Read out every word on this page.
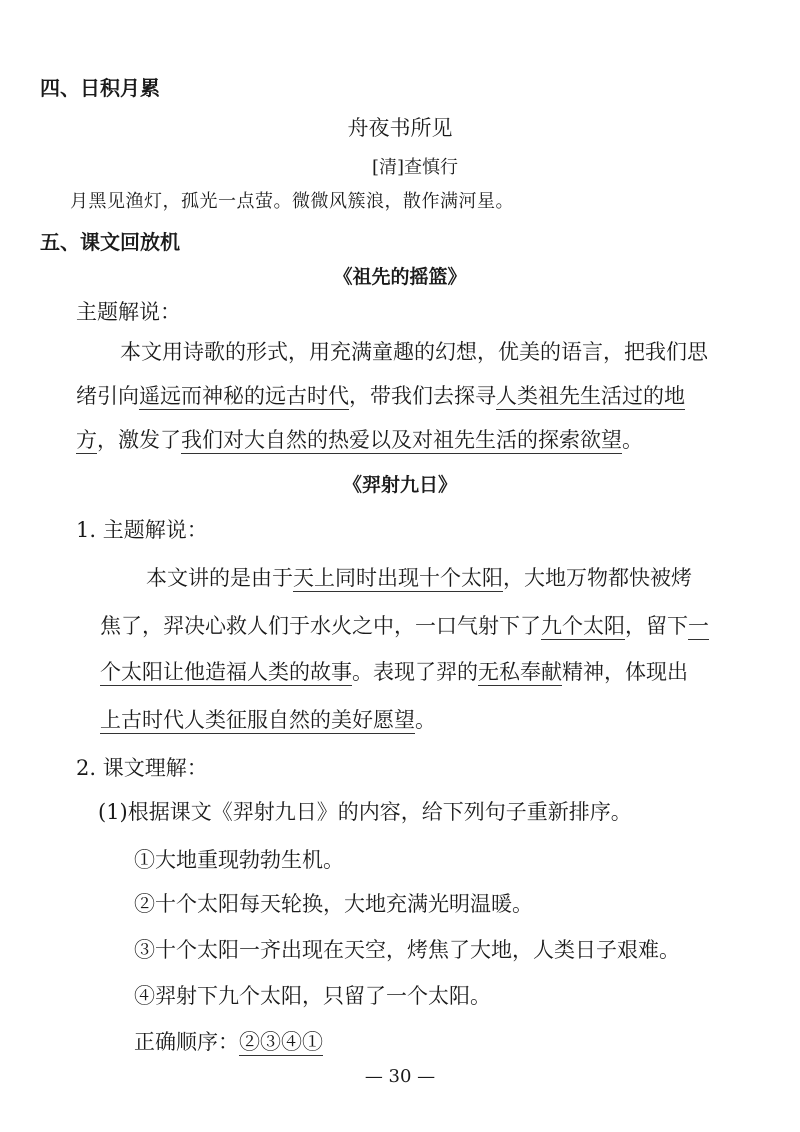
四、日积月累
舟夜书所见
[清]查慎行
月黑见渔灯，孤光一点萤。微微风簇浪，散作满河星。
五、课文回放机
《祖先的摇篮》
主题解说：
本文用诗歌的形式，用充满童趣的幻想，优美的语言，把我们思
绪引向遥远而神秘的远古时代，带我们去探寻人类祖先生活过的地
方，激发了我们对大自然的热爱以及对祖先生活的探索欲望。
《羿射九日》
1. 主题解说：
本文讲的是由于天上同时出现十个太阳，大地万物都快被烤
焦了，羿决心救人们于水火之中，一口气射下了九个太阳，留下一
个太阳让他造福人类的故事。表现了羿的无私奉献精神，体现出
上古时代人类征服自然的美好愿望。
2. 课文理解：
(1)根据课文《羿射九日》的内容，给下列句子重新排序。
①大地重现勃勃生机。
②十个太阳每天轮换，大地充满光明温暖。
③十个太阳一齐出现在天空，烤焦了大地，人类日子艰难。
④羿射下九个太阳，只留了一个太阳。
正确顺序：②③④①
— 30 —
